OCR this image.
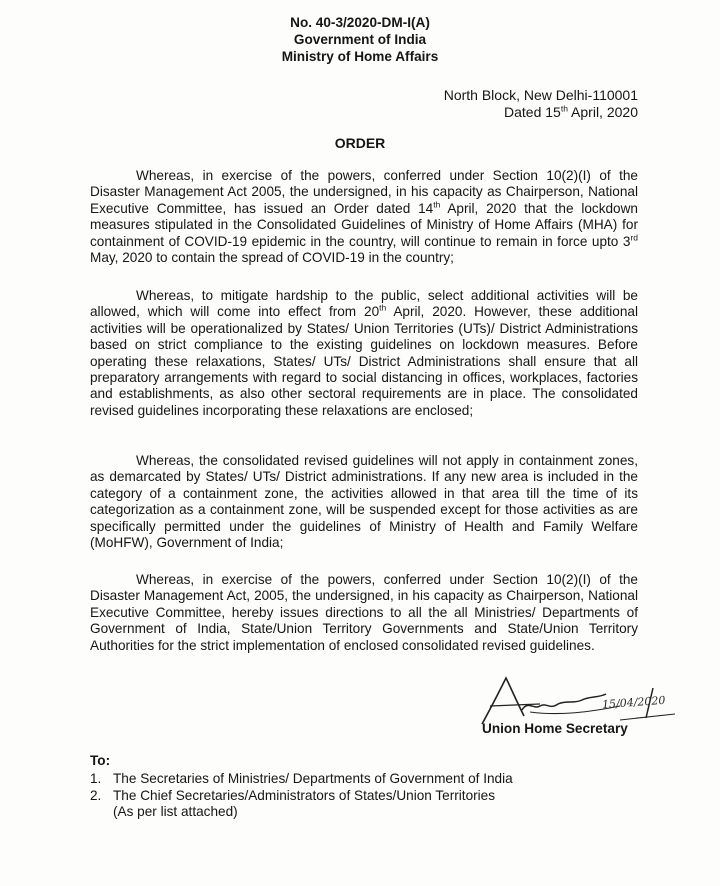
No. 40-3/2020-DM-I(A)
Government of India
Ministry of Home Affairs
North Block, New Delhi-110001
Dated 15th April, 2020
ORDER

Whereas, in exercise of the powers, conferred under Section 10(2)(I) of the Disaster Management Act 2005, the undersigned, in his capacity as Chairperson, National Executive Committee, has issued an Order dated 14th April, 2020 that the lockdown measures stipulated in the Consolidated Guidelines of Ministry of Home Affairs (MHA) for containment of COVID-19 epidemic in the country, will continue to remain in force upto 3rd May, 2020 to contain the spread of COVID-19 in the country;

Whereas, to mitigate hardship to the public, select additional activities will be allowed, which will come into effect from 20th April, 2020. However, these additional activities will be operationalized by States/ Union Territories (UTs)/ District Administrations based on strict compliance to the existing guidelines on lockdown measures. Before operating these relaxations, States/ UTs/ District Administrations shall ensure that all preparatory arrangements with regard to social distancing in offices, workplaces, factories and establishments, as also other sectoral requirements are in place. The consolidated revised guidelines incorporating these relaxations are enclosed;

Whereas, the consolidated revised guidelines will not apply in containment zones, as demarcated by States/ UTs/ District administrations. If any new area is included in the category of a containment zone, the activities allowed in that area till the time of its categorization as a containment zone, will be suspended except for those activities as are specifically permitted under the guidelines of Ministry of Health and Family Welfare (MoHFW), Government of India;

Whereas, in exercise of the powers, conferred under Section 10(2)(I) of the Disaster Management Act, 2005, the undersigned, in his capacity as Chairperson, National Executive Committee, hereby issues directions to all the all Ministries/ Departments of Government of India, State/Union Territory Governments and State/Union Territory Authorities for the strict implementation of enclosed consolidated revised guidelines.

15/04/2020
Union Home Secretary
To:
1. The Secretaries of Ministries/ Departments of Government of India
2. The Chief Secretaries/Administrators of States/Union Territories
(As per list attached)
